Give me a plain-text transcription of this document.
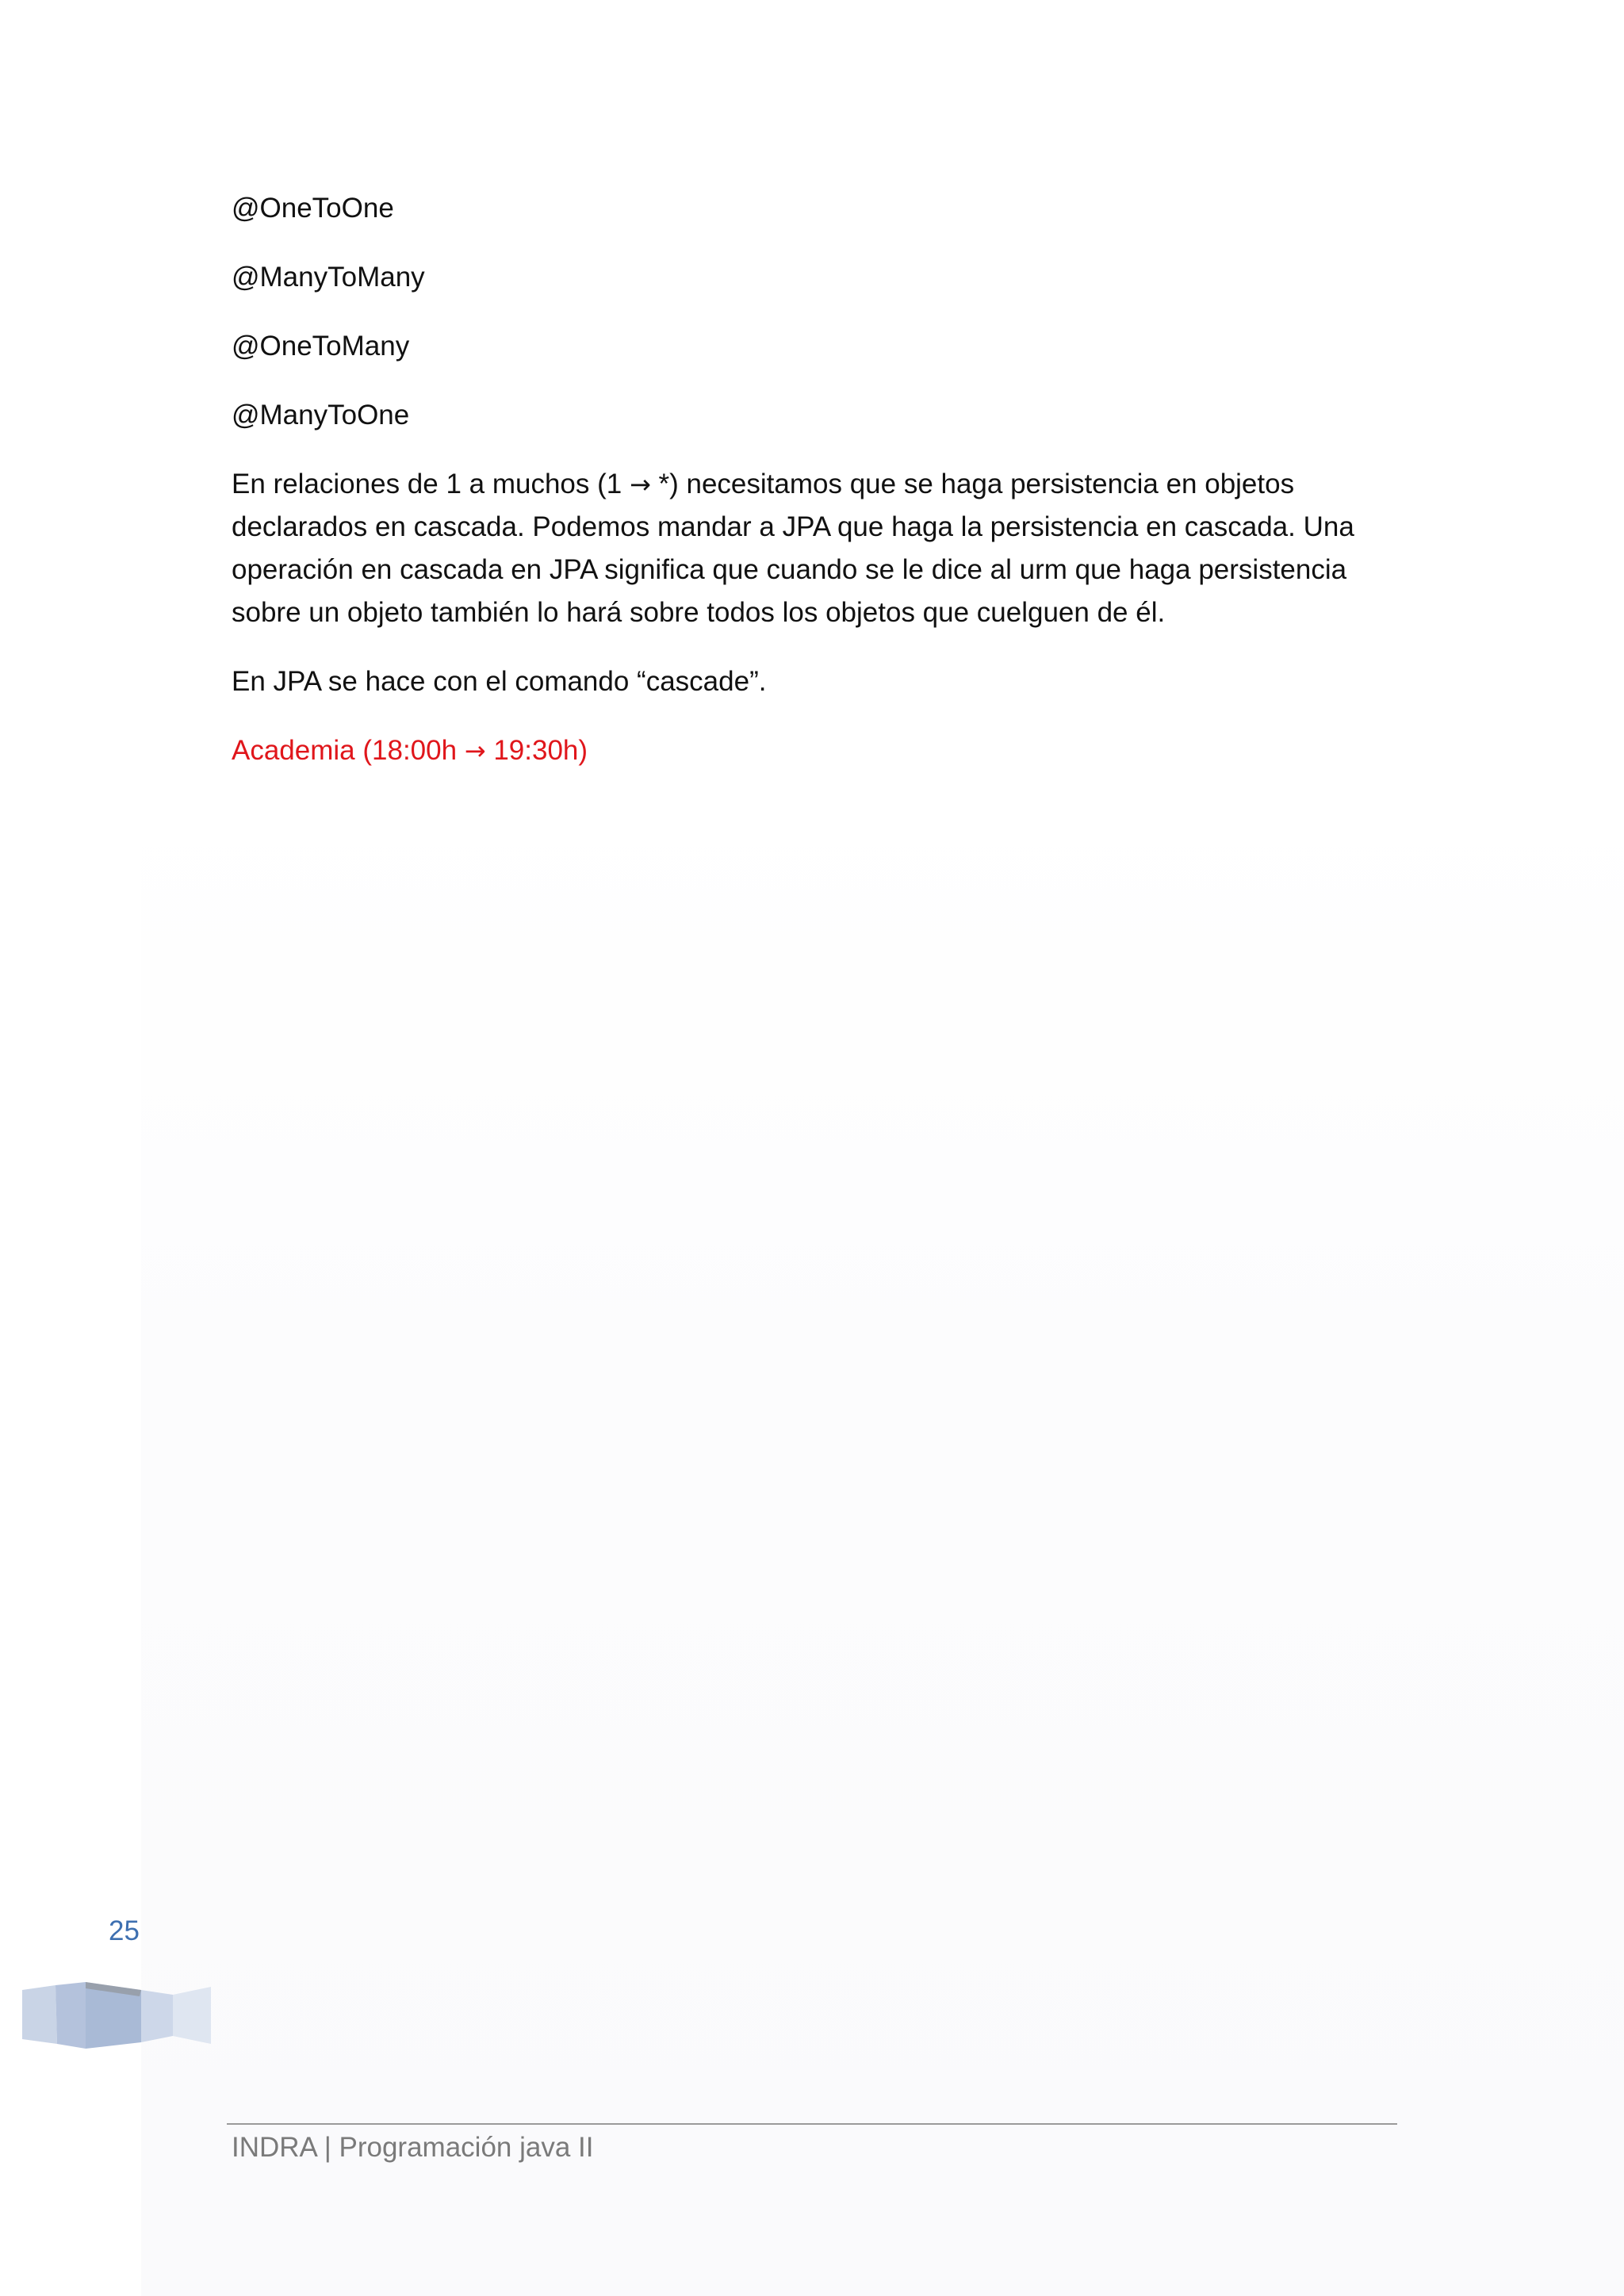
@OneToOne

@ManyToMany

@OneToMany

@ManyToOne

En relaciones de 1 a muchos (1 → *) necesitamos que se haga persistencia en objetos declarados en cascada. Podemos mandar a JPA que haga la persistencia en cascada. Una operación en cascada en JPA significa que cuando se le dice al urm que haga persistencia sobre un objeto también lo hará sobre todos los objetos que cuelguen de él.

En JPA se hace con el comando “cascade”.

Academia (18:00h → 19:30h)

25
INDRA | Programación java II
